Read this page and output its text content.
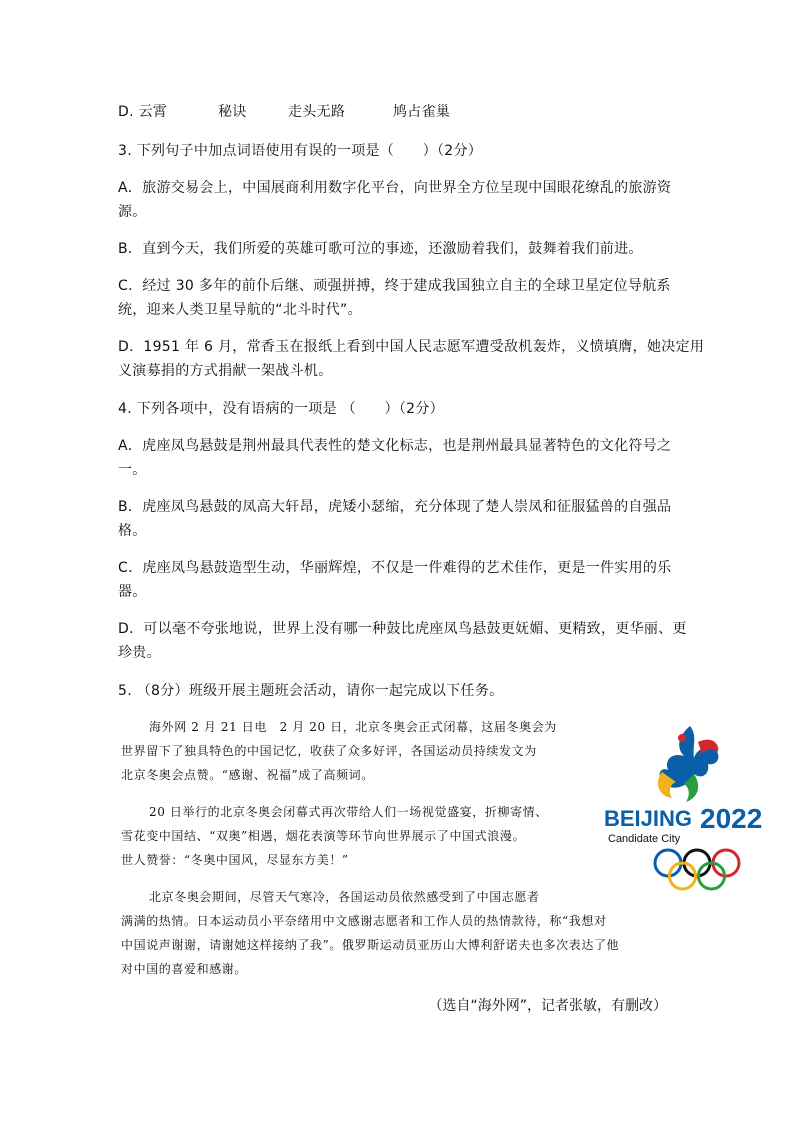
D. 云霄	秘诀	走头无路	鸠占雀巢
3. 下列句子中加点词语使用有误的一项是（　　）（2分）
A．旅游交易会上，中国展商利用数字化平台，向世界全方位呈现中国眼花缭乱的旅游资
源。
B．直到今天，我们所爱的英雄可歌可泣的事迹，还激励着我们，鼓舞着我们前进。
C．经过 30 多年的前仆后继、顽强拼搏，终于建成我国独立自主的全球卫星定位导航系
统，迎来人类卫星导航的“北斗时代”。
D．1951 年 6 月，常香玉在报纸上看到中国人民志愿军遭受敌机轰炸，义愤填膺，她决定用
义演募捐的方式捐献一架战斗机。
4. 下列各项中，没有语病的一项是 （　　）（2分）
A．虎座凤鸟悬鼓是荆州最具代表性的楚文化标志，也是荆州最具显著特色的文化符号之
一。
B．虎座凤鸟悬鼓的凤高大轩昂，虎矮小瑟缩，充分体现了楚人崇凤和征服猛兽的自强品
格。
C．虎座凤鸟悬鼓造型生动，华丽辉煌，不仅是一件难得的艺术佳作，更是一件实用的乐
器。
D．可以毫不夸张地说，世界上没有哪一种鼓比虎座凤鸟悬鼓更妩媚、更精致，更华丽、更
珍贵。
5. （8分）班级开展主题班会活动，请你一起完成以下任务。
海外网 2 月 21 日电　2 月 20 日，北京冬奥会正式闭幕，这届冬奥会为
世界留下了独具特色的中国记忆，收获了众多好评，各国运动员持续发文为
北京冬奥会点赞。“感谢、祝福”成了高频词。
20 日举行的北京冬奥会闭幕式再次带给人们一场视觉盛宴，折柳寄情、
雪花变中国结、“双奥”相遇，烟花表演等环节向世界展示了中国式浪漫。
世人赞誉：“冬奥中国风，尽显东方美！”
北京冬奥会期间，尽管天气寒冷，各国运动员依然感受到了中国志愿者
满满的热情。日本运动员小平奈绪用中文感谢志愿者和工作人员的热情款待，称“我想对
中国说声谢谢，请谢她这样接纳了我”。俄罗斯运动员亚历山大博利舒诺夫也多次表达了他
对中国的喜爱和感谢。
（选自“海外网”，记者张敏，有删改）
BEIJING 2022
Candidate City
